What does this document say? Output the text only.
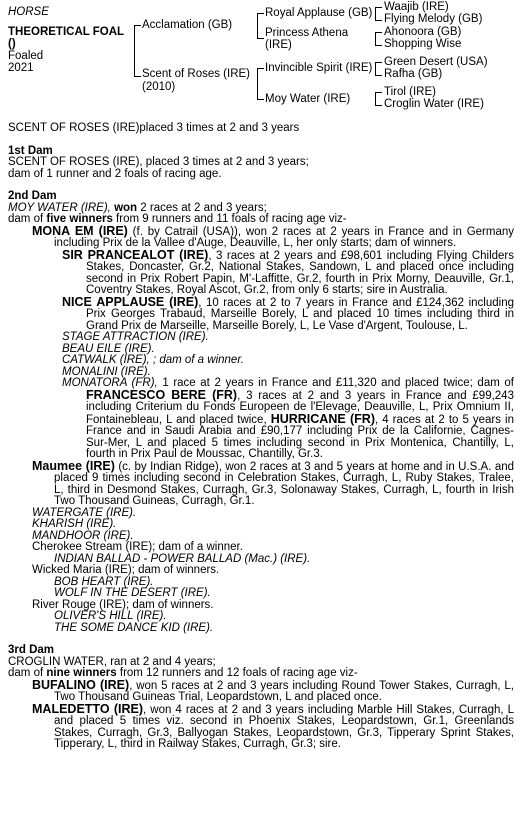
HORSE
THEORETICAL FOAL ()
Foaled
2021
Acclamation (GB)
Scent of Roses (IRE)
(2010)
Royal Applause (GB)
Princess Athena
(IRE)
Invincible Spirit (IRE)
Moy Water (IRE)
Waajib (IRE)
Flying Melody (GB)
Ahonoora (GB)
Shopping Wise
Green Desert (USA)
Rafha (GB)
Tirol (IRE)
Croglin Water (IRE)

SCENT OF ROSES (IRE)placed 3 times at 2 and 3 years

1st Dam

SCENT OF ROSES (IRE), placed 3 times at 2 and 3 years;

dam of 1 runner and 2 foals of racing age.

2nd Dam

MOY WATER (IRE), won 2 races at 2 and 3 years;

dam of five winners from 9 runners and 11 foals of racing age viz-

MONA EM (IRE) (f. by Catrail (USA)), won 2 races at 2 years in France and in Germany including Prix de la Vallee d'Auge, Deauville, L, her only starts; dam of winners.

SIR PRANCEALOT (IRE), 3 races at 2 years and £98,601 including Flying Childers Stakes, Doncaster, Gr.2, National Stakes, Sandown, L and placed once including second in Prix Robert Papin, M'-Laffitte, Gr.2, fourth in Prix Morny, Deauville, Gr.1, Coventry Stakes, Royal Ascot, Gr.2, from only 6 starts; sire in Australia.

NICE APPLAUSE (IRE), 10 races at 2 to 7 years in France and £124,362 including Prix Georges Trabaud, Marseille Borely, L and placed 10 times including third in Grand Prix de Marseille, Marseille Borely, L, Le Vase d'Argent, Toulouse, L.

STAGE ATTRACTION (IRE).

BEAU EILE (IRE).

CATWALK (IRE), ; dam of a winner.

MONALINI (IRE).

MONATORA (FR), 1 race at 2 years in France and £11,320 and placed twice; dam of FRANCESCO BERE (FR), 3 races at 2 and 3 years in France and £99,243 including Criterium du Fonds Europeen de l'Elevage, Deauville, L, Prix Omnium II, Fontainebleau, L and placed twice, HURRICANE (FR), 4 races at 2 to 5 years in France and in Saudi Arabia and £90,177 including Prix de la Californie, Cagnes-Sur-Mer, L and placed 5 times including second in Prix Montenica, Chantilly, L, fourth in Prix Paul de Moussac, Chantilly, Gr.3.

Maumee (IRE) (c. by Indian Ridge), won 2 races at 3 and 5 years at home and in U.S.A. and placed 9 times including second in Celebration Stakes, Curragh, L, Ruby Stakes, Tralee, L, third in Desmond Stakes, Curragh, Gr.3, Solonaway Stakes, Curragh, L, fourth in Irish Two Thousand Guineas, Curragh, Gr.1.

WATERGATE (IRE).

KHARISH (IRE).

MANDHOOR (IRE).

Cherokee Stream (IRE); dam of a winner.

INDIAN BALLAD - POWER BALLAD (Mac.) (IRE).

Wicked Maria (IRE); dam of winners.

BOB HEART (IRE).

WOLF IN THE DESERT (IRE).

River Rouge (IRE); dam of winners.

OLIVER'S HILL (IRE).

THE SOME DANCE KID (IRE).

3rd Dam

CROGLIN WATER, ran at 2 and 4 years;

dam of nine winners from 12 runners and 12 foals of racing age viz-

BUFALINO (IRE), won 5 races at 2 and 3 years including Round Tower Stakes, Curragh, L, Two Thousand Guineas Trial, Leopardstown, L and placed once.

MALEDETTO (IRE), won 4 races at 2 and 3 years including Marble Hill Stakes, Curragh, L and placed 5 times viz. second in Phoenix Stakes, Leopardstown, Gr.1, Greenlands Stakes, Curragh, Gr.3, Ballyogan Stakes, Leopardstown, Gr.3, Tipperary Sprint Stakes, Tipperary, L, third in Railway Stakes, Curragh, Gr.3; sire.
